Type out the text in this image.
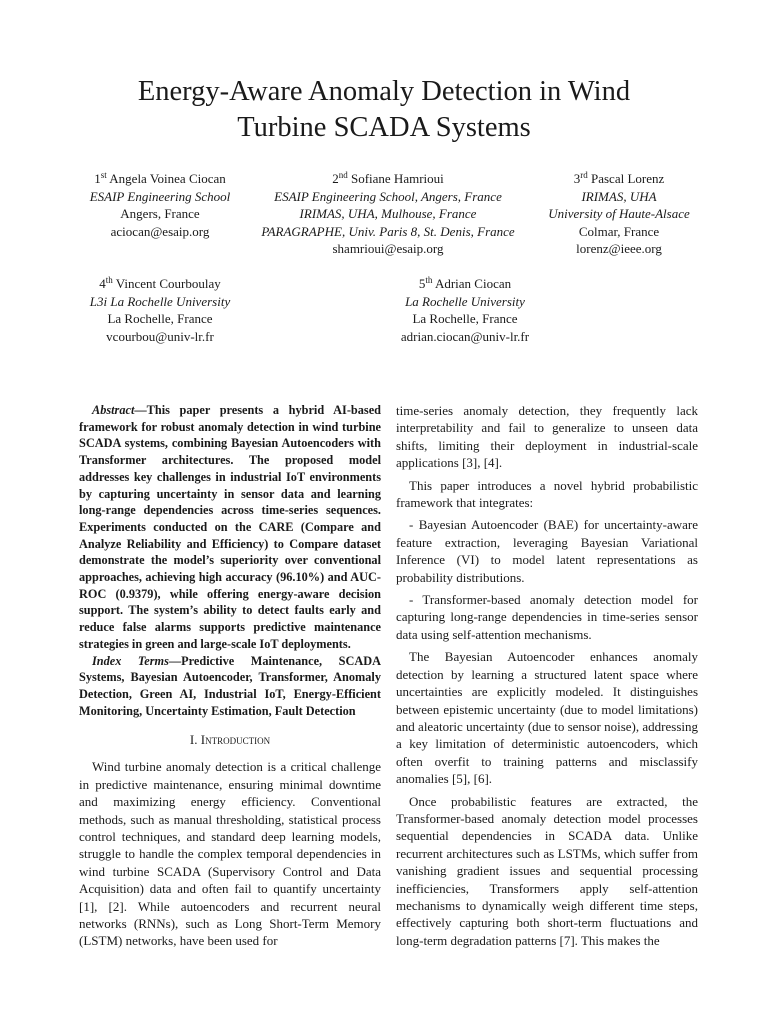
Energy-Aware Anomaly Detection in Wind
Turbine SCADA Systems
1st Angela Voinea Ciocan
ESAIP Engineering School
Angers, France
aciocan@esaip.org
2nd Sofiane Hamrioui
ESAIP Engineering School, Angers, France
IRIMAS, UHA, Mulhouse, France
PARAGRAPHE, Univ. Paris 8, St. Denis, France
shamrioui@esaip.org
3rd Pascal Lorenz
IRIMAS, UHA
University of Haute-Alsace
Colmar, France
lorenz@ieee.org
4th Vincent Courboulay
L3i La Rochelle University
La Rochelle, France
vcourbou@univ-lr.fr
5th Adrian Ciocan
La Rochelle University
La Rochelle, France
adrian.ciocan@univ-lr.fr

Abstract—This paper presents a hybrid AI-based framework for robust anomaly detection in wind turbine SCADA systems, combining Bayesian Autoencoders with Transformer architectures. The proposed model addresses key challenges in industrial IoT environments by capturing uncertainty in sensor data and learning long-range dependencies across time-series sequences. Experiments conducted on the CARE (Compare and Analyze Reliability and Efficiency) to Compare dataset demonstrate the model’s superiority over conventional approaches, achieving high accuracy (96.10%) and AUC-ROC (0.9379), while offering energy-aware decision support. The system’s ability to detect faults early and reduce false alarms supports predictive maintenance strategies in green and large-scale IoT deployments.

Index Terms—Predictive Maintenance, SCADA Systems, Bayesian Autoencoder, Transformer, Anomaly Detection, Green AI, Industrial IoT, Energy-Efficient Monitoring, Uncertainty Estimation, Fault Detection

I. Introduction

Wind turbine anomaly detection is a critical challenge in predictive maintenance, ensuring minimal downtime and maximizing energy efficiency. Conventional methods, such as manual thresholding, statistical process control techniques, and standard deep learning models, struggle to handle the complex temporal dependencies in wind turbine SCADA (Supervisory Control and Data Acquisition) data and often fail to quantify uncertainty [1], [2]. While autoencoders and recurrent neural networks (RNNs), such as Long Short-Term Memory (LSTM) networks, have been used for

time-series anomaly detection, they frequently lack interpretability and fail to generalize to unseen data shifts, limiting their deployment in industrial-scale applications [3], [4].

This paper introduces a novel hybrid probabilistic framework that integrates:

- Bayesian Autoencoder (BAE) for uncertainty-aware feature extraction, leveraging Bayesian Variational Inference (VI) to model latent representations as probability distributions.

- Transformer-based anomaly detection model for capturing long-range dependencies in time-series sensor data using self-attention mechanisms.

The Bayesian Autoencoder enhances anomaly detection by learning a structured latent space where uncertainties are explicitly modeled. It distinguishes between epistemic uncertainty (due to model limitations) and aleatoric uncertainty (due to sensor noise), addressing a key limitation of deterministic autoencoders, which often overfit to training patterns and misclassify anomalies [5], [6].

Once probabilistic features are extracted, the Transformer-based anomaly detection model processes sequential dependencies in SCADA data. Unlike recurrent architectures such as LSTMs, which suffer from vanishing gradient issues and sequential processing inefficiencies, Transformers apply self-attention mechanisms to dynamically weigh different time steps, effectively capturing both short-term fluctuations and long-term degradation patterns [7]. This makes the
